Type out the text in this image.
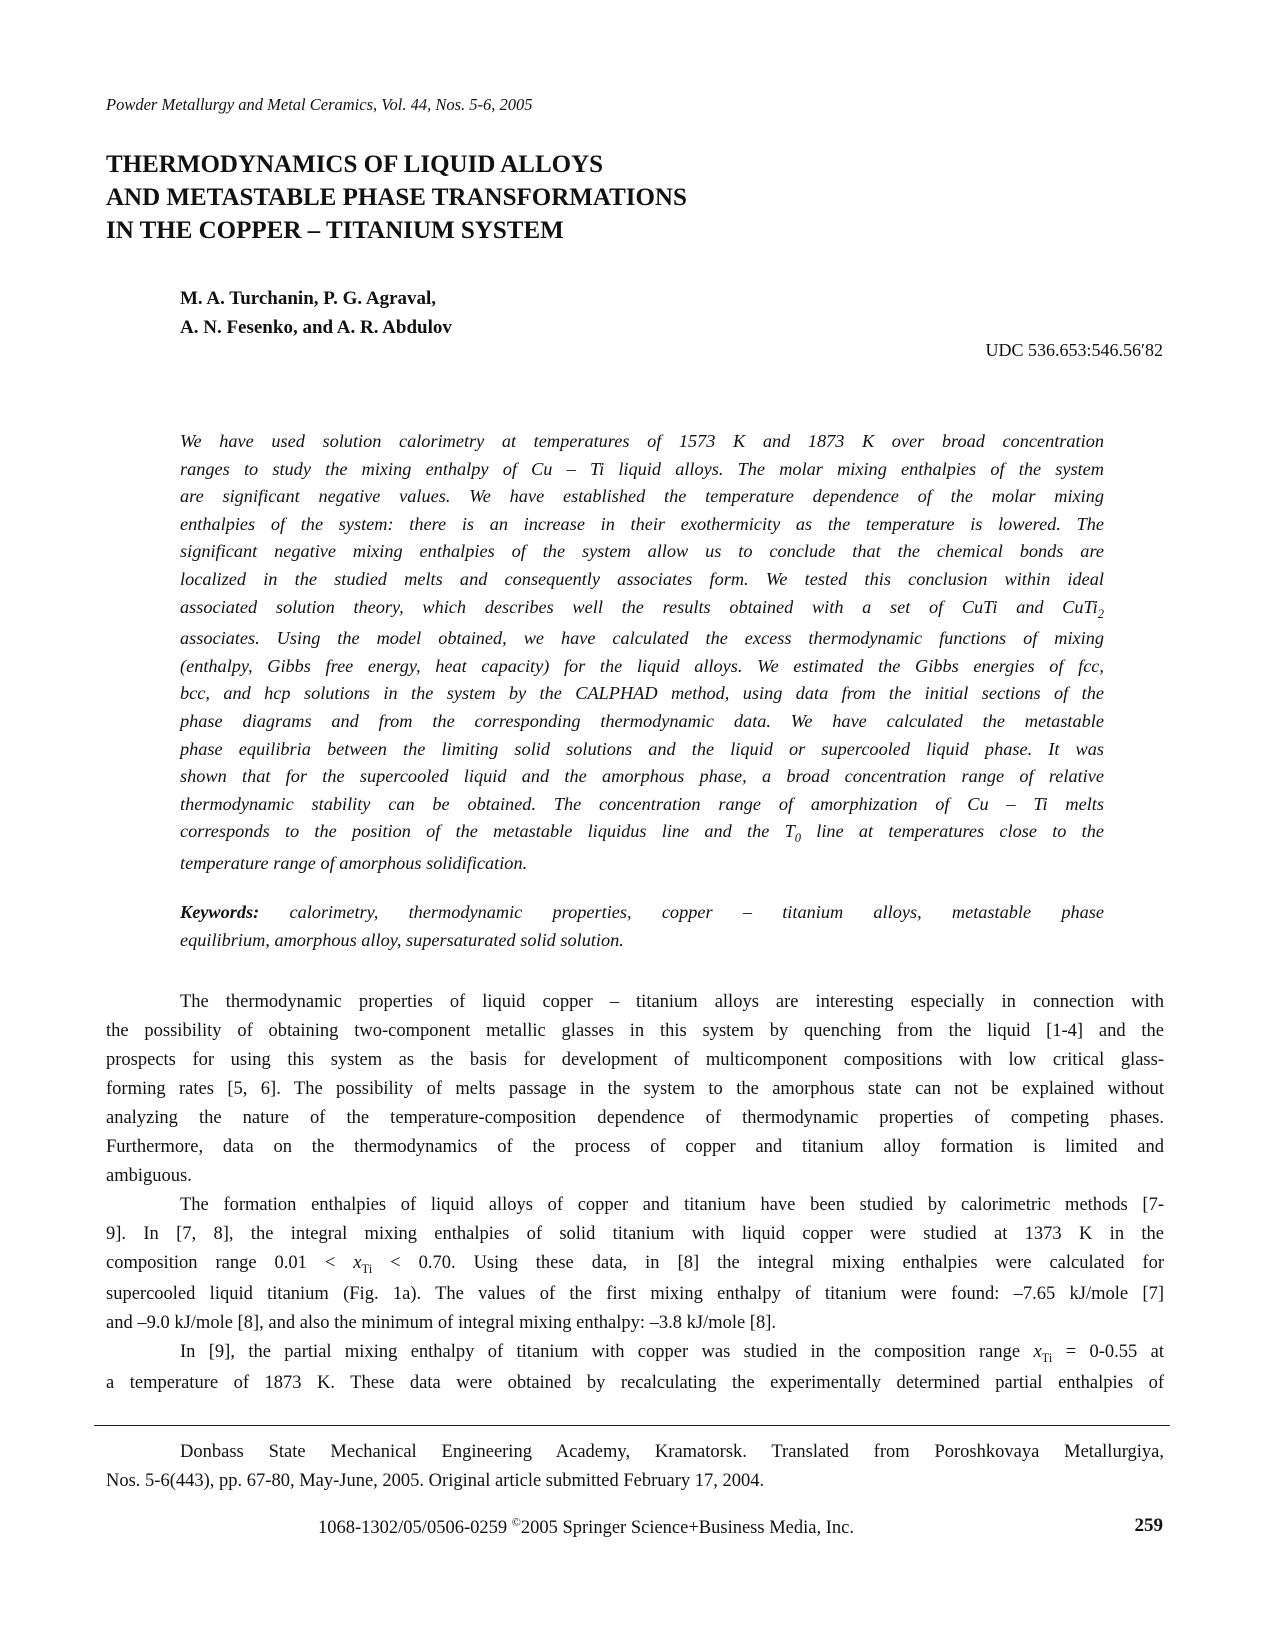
Powder Metallurgy and Metal Ceramics, Vol. 44, Nos. 5-6, 2005
THERMODYNAMICS OF LIQUID ALLOYS
AND METASTABLE PHASE TRANSFORMATIONS
IN THE COPPER – TITANIUM SYSTEM
M. A. Turchanin, P. G. Agraval,
A. N. Fesenko, and A. R. Abdulov
UDC 536.653:546.56′82
We have used solution calorimetry at temperatures of 1573 K and 1873 K over broad concentration
ranges to study the mixing enthalpy of Cu – Ti liquid alloys. The molar mixing enthalpies of the system
are significant negative values. We have established the temperature dependence of the molar mixing
enthalpies of the system: there is an increase in their exothermicity as the temperature is lowered. The
significant negative mixing enthalpies of the system allow us to conclude that the chemical bonds are
localized in the studied melts and consequently associates form. We tested this conclusion within ideal
associated solution theory, which describes well the results obtained with a set of CuTi and CuTi$_2$
associates. Using the model obtained, we have calculated the excess thermodynamic functions of mixing
(enthalpy, Gibbs free energy, heat capacity) for the liquid alloys. We estimated the Gibbs energies of fcc,
bcc, and hcp solutions in the system by the CALPHAD method, using data from the initial sections of the
phase diagrams and from the corresponding thermodynamic data. We have calculated the metastable
phase equilibria between the limiting solid solutions and the liquid or supercooled liquid phase. It was
shown that for the supercooled liquid and the amorphous phase, a broad concentration range of relative
thermodynamic stability can be obtained. The concentration range of amorphization of Cu – Ti melts
corresponds to the position of the metastable liquidus line and the $T_0$ line at temperatures close to the
temperature range of amorphous solidification.
Keywords: calorimetry, thermodynamic properties, copper – titanium alloys, metastable phase
equilibrium, amorphous alloy, supersaturated solid solution.
The thermodynamic properties of liquid copper – titanium alloys are interesting especially in connection with
the possibility of obtaining two-component metallic glasses in this system by quenching from the liquid [1-4] and the
prospects for using this system as the basis for development of multicomponent compositions with low critical glass-
forming rates [5, 6]. The possibility of melts passage in the system to the amorphous state can not be explained without
analyzing the nature of the temperature-composition dependence of thermodynamic properties of competing phases.
Furthermore, data on the thermodynamics of the process of copper and titanium alloy formation is limited and
ambiguous.
The formation enthalpies of liquid alloys of copper and titanium have been studied by calorimetric methods [7-
9]. In [7, 8], the integral mixing enthalpies of solid titanium with liquid copper were studied at 1373 K in the
composition range $0.01 < x_{Ti} < 0.70$. Using these data, in [8] the integral mixing enthalpies were calculated for
supercooled liquid titanium (Fig. 1a). The values of the first mixing enthalpy of titanium were found: –7.65 kJ/mole [7]
and –9.0 kJ/mole [8], and also the minimum of integral mixing enthalpy: –3.8 kJ/mole [8].
In [9], the partial mixing enthalpy of titanium with copper was studied in the composition range $x_{Ti} = 0-0.55$ at
a temperature of 1873 K. These data were obtained by recalculating the experimentally determined partial enthalpies of
Donbass State Mechanical Engineering Academy, Kramatorsk. Translated from Poroshkovaya Metallurgiya,
Nos. 5-6(443), pp. 67-80, May-June, 2005. Original article submitted February 17, 2004.
1068-1302/05/0506-0259 ©2005 Springer Science+Business Media, Inc.	259
